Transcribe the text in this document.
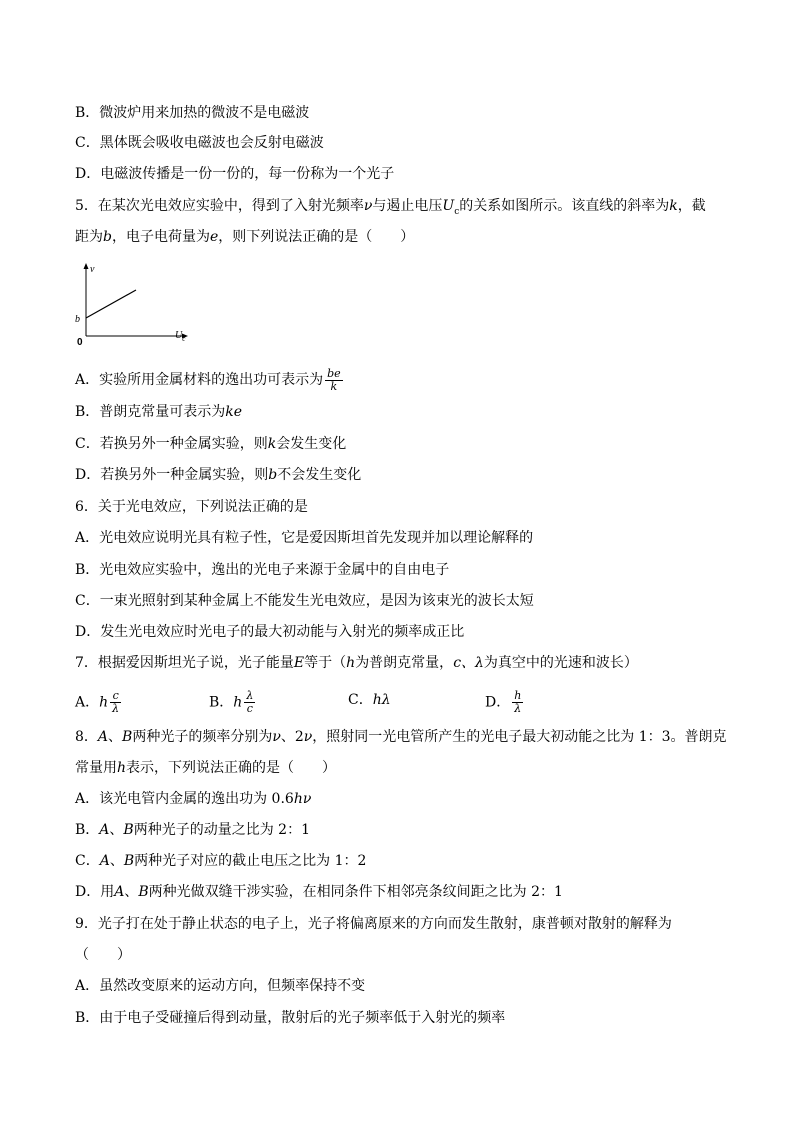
B．微波炉用来加热的微波不是电磁波
C．黑体既会吸收电磁波也会反射电磁波
D．电磁波传播是一份一份的，每一份称为一个光子
5．在某次光电效应实验中，得到了入射光频率ν与遏止电压$U_c$的关系如图所示。该直线的斜率为k，截
距为b，电子电荷量为e，则下列说法正确的是（　　）
ν
b
0
$U_c$
A．实验所用金属材料的逸出功可表示为 $\frac{be}{k}$
B．普朗克常量可表示为ke
C．若换另外一种金属实验，则k会发生变化
D．若换另外一种金属实验，则b不会发生变化
6．关于光电效应，下列说法正确的是
A．光电效应说明光具有粒子性，它是爱因斯坦首先发现并加以理论解释的
B．光电效应实验中，逸出的光电子来源于金属中的自由电子
C．一束光照射到某种金属上不能发生光电效应，是因为该束光的波长太短
D．发生光电效应时光电子的最大初动能与入射光的频率成正比
7．根据爱因斯坦光子说，光子能量E等于（h为普朗克常量，c、λ为真空中的光速和波长）
A．h $\frac{c}{\lambda}$	B．h $\frac{\lambda}{c}$	C．hλ	D． $\frac{h}{\lambda}$
8．A、B两种光子的频率分别为ν、2ν，照射同一光电管所产生的光电子最大初动能之比为 1：3。普朗克
常量用h表示，下列说法正确的是（　　）
A．该光电管内金属的逸出功为 0.6hν
B．A、B两种光子的动量之比为 2：1
C．A、B两种光子对应的截止电压之比为 1：2
D．用A、B两种光做双缝干涉实验，在相同条件下相邻亮条纹间距之比为 2：1
9．光子打在处于静止状态的电子上，光子将偏离原来的方向而发生散射，康普顿对散射的解释为
（　　）
A．虽然改变原来的运动方向，但频率保持不变
B．由于电子受碰撞后得到动量，散射后的光子频率低于入射光的频率
